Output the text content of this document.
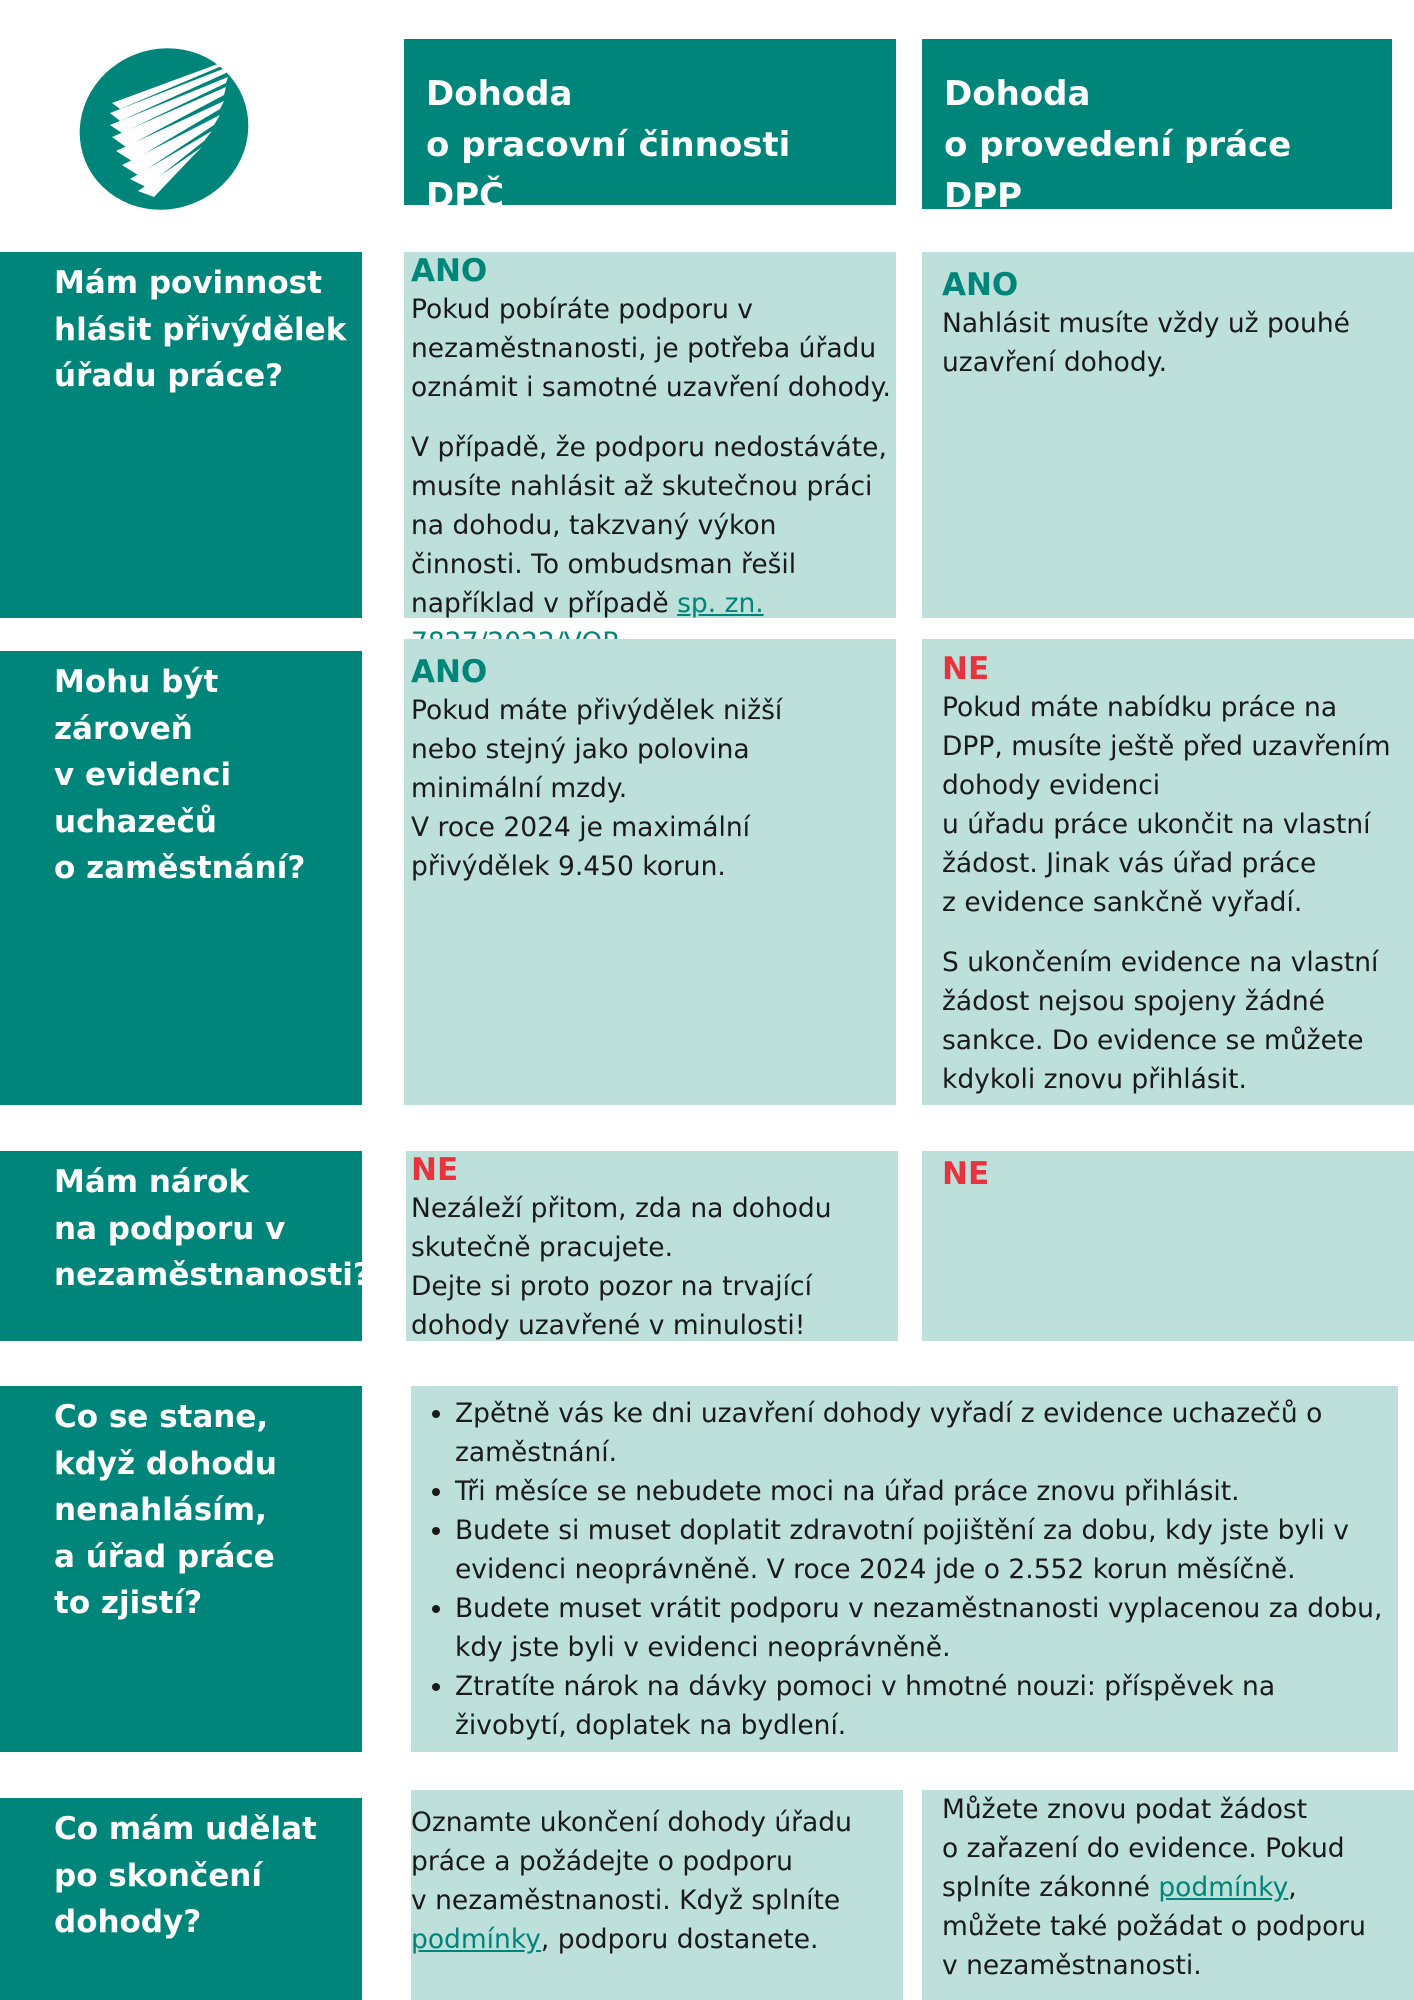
Dohoda
o pracovní činnosti DPČ
Dohoda
o provedení práce DPP
Mám povinnost
hlásit přivýdělek
úřadu práce?
ANO

Pokud pobíráte podporu v nezaměstnanosti, je potřeba úřadu oznámit i samotné uzavření dohody.

V případě, že podporu nedostáváte, musíte nahlásit až skutečnou práci na dohodu, takzvaný výkon činnosti. To ombudsman řešil například v případě sp. zn.

ANO

Nahlásit musíte vždy už pouhé uzavření dohody.

Mohu být
zároveň
v evidenci
uchazečů
o zaměstnání?
ANO
Pokud máte přivýdělek nižší
nebo stejný jako polovina
minimální mzdy.
V roce 2024 je maximální
přivýdělek 9.450 korun.
NE
Pokud máte nabídku práce na
DPP, musíte ještě před uzavřením
dohody evidenci
u úřadu práce ukončit na vlastní
žádost. Jinak vás úřad práce
z evidence sankčně vyřadí.
S ukončením evidence na vlastní
žádost nejsou spojeny žádné
sankce. Do evidence se můžete
kdykoli znovu přihlásit.
Mám nárok
na podporu v
nezaměstnanosti?
NE
Nezáleží přitom, zda na dohodu
skutečně pracujete.
Dejte si proto pozor na trvající
dohody uzavřené v minulosti!
NE
Co se stane,
když dohodu
nenahlásím,
a úřad práce
to zjistí?
• Zpětně vás ke dni uzavření dohody vyřadí z evidence uchazečů o zaměstnání.
• Tři měsíce se nebudete moci na úřad práce znovu přihlásit.
• Budete si muset doplatit zdravotní pojištění za dobu, kdy jste byli v evidenci neoprávněně. V roce 2024 jde o 2.552 korun měsíčně.
• Budete muset vrátit podporu v nezaměstnanosti vyplacenou za dobu, kdy jste byli v evidenci neoprávněně.
• Ztratíte nárok na dávky pomoci v hmotné nouzi: příspěvek na živobytí, doplatek na bydlení.
Co mám udělat
po skončení
dohody?
Oznamte ukončení dohody úřadu
práce a požádejte o podporu
v nezaměstnanosti. Když splníte
podmínky, podporu dostanete.
Můžete znovu podat žádost
o zařazení do evidence. Pokud
splníte zákonné podmínky,
můžete také požádat o podporu
v nezaměstnanosti.
